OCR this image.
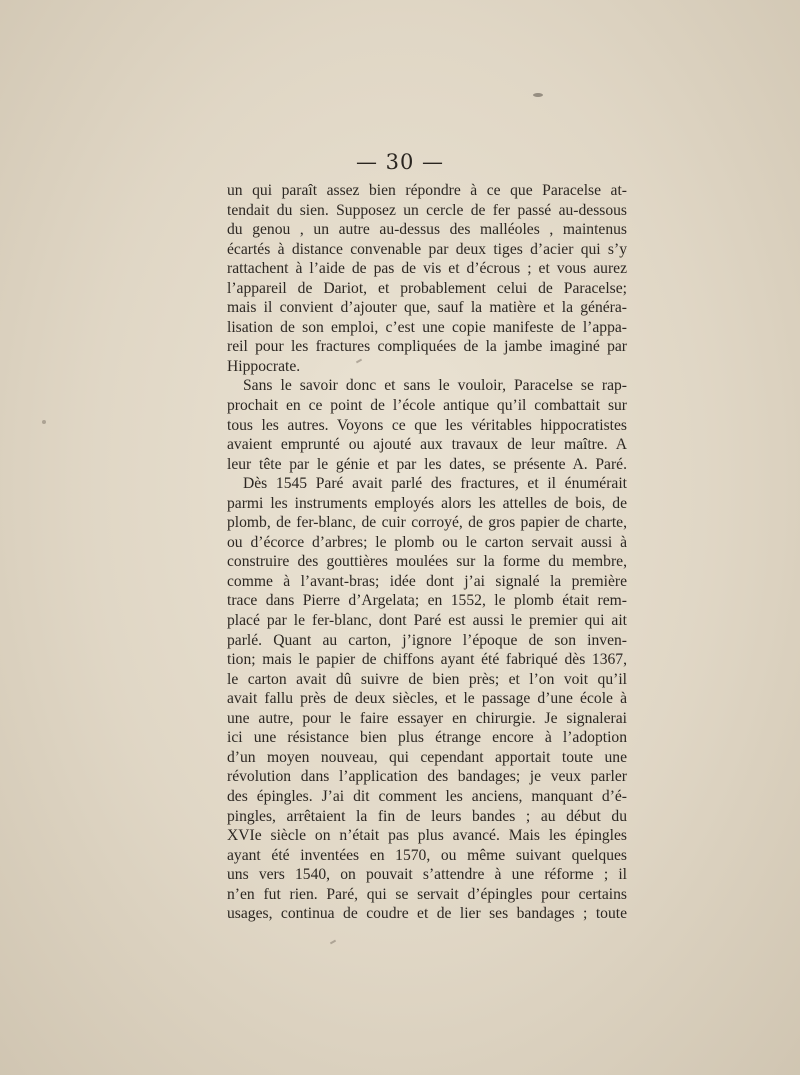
— 30 —
un qui paraît assez bien répondre à ce que Paracelse at-
tendait du sien. Supposez un cercle de fer passé au-dessous
du genou , un autre au-dessus des malléoles , maintenus
écartés à distance convenable par deux tiges d’acier qui s’y
rattachent à l’aide de pas de vis et d’écrous ; et vous aurez
l’appareil de Dariot, et probablement celui de Paracelse;
mais il convient d’ajouter que, sauf la matière et la généra-
lisation de son emploi, c’est une copie manifeste de l’appa-
reil pour les fractures compliquées de la jambe imaginé par
Hippocrate.
Sans le savoir donc et sans le vouloir, Paracelse se rap-
prochait en ce point de l’école antique qu’il combattait sur
tous les autres. Voyons ce que les véritables hippocratistes
avaient emprunté ou ajouté aux travaux de leur maître. A
leur tête par le génie et par les dates, se présente A. Paré.
Dès 1545 Paré avait parlé des fractures, et il énumérait
parmi les instruments employés alors les attelles de bois, de
plomb, de fer-blanc, de cuir corroyé, de gros papier de charte,
ou d’écorce d’arbres; le plomb ou le carton servait aussi à
construire des gouttières moulées sur la forme du membre,
comme à l’avant-bras; idée dont j’ai signalé la première
trace dans Pierre d’Argelata; en 1552, le plomb était rem-
placé par le fer-blanc, dont Paré est aussi le premier qui ait
parlé. Quant au carton, j’ignore l’époque de son inven-
tion; mais le papier de chiffons ayant été fabriqué dès 1367,
le carton avait dû suivre de bien près; et l’on voit qu’il
avait fallu près de deux siècles, et le passage d’une école à
une autre, pour le faire essayer en chirurgie. Je signalerai
ici une résistance bien plus étrange encore à l’adoption
d’un moyen nouveau, qui cependant apportait toute une
révolution dans l’application des bandages; je veux parler
des épingles. J’ai dit comment les anciens, manquant d’é-
pingles, arrêtaient la fin de leurs bandes ; au début du
XVIe siècle on n’était pas plus avancé. Mais les épingles
ayant été inventées en 1570, ou même suivant quelques
uns vers 1540, on pouvait s’attendre à une réforme ; il
n’en fut rien. Paré, qui se servait d’épingles pour certains
usages, continua de coudre et de lier ses bandages ; toute
